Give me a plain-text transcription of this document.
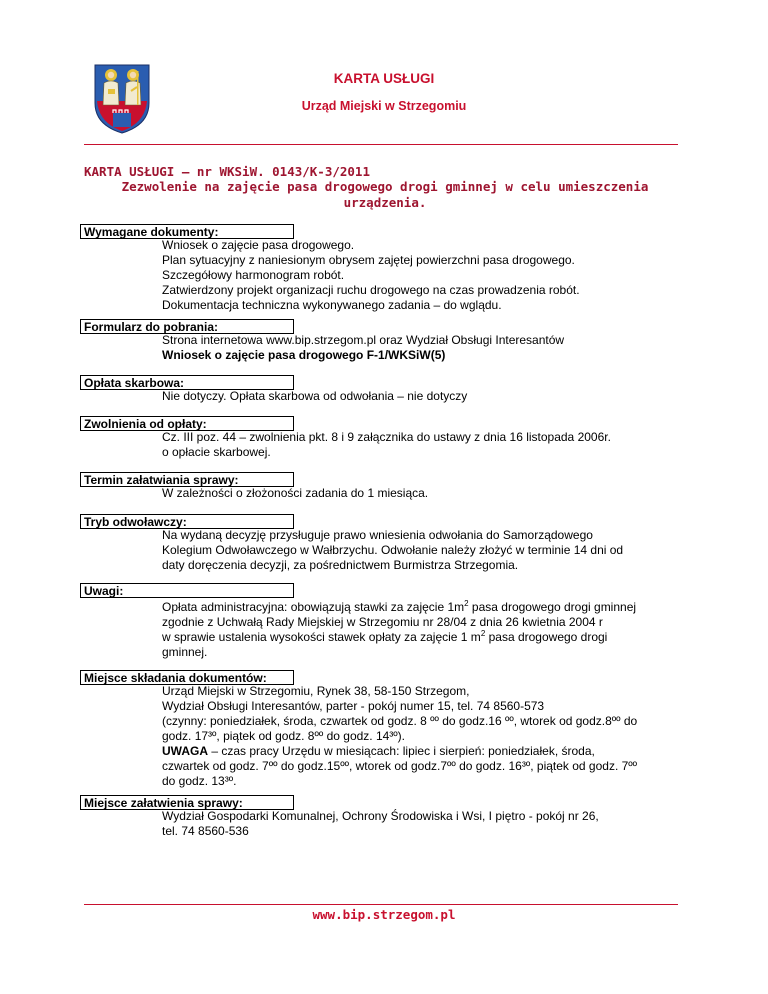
KARTA USŁUGI
Urząd Miejski w Strzegomiu
KARTA USŁUGI – nr WKSiW. 0143/K-3/2011
Zezwolenie na zajęcie pasa drogowego drogi gminnej w celu umieszczenia
urządzenia.
Wymagane dokumenty:
Wniosek o zajęcie pasa drogowego.
Plan sytuacyjny z naniesionym obrysem zajętej powierzchni pasa drogowego.
Szczegółowy harmonogram robót.
Zatwierdzony projekt organizacji ruchu drogowego na czas prowadzenia robót.
Dokumentacja techniczna wykonywanego zadania – do wglądu.
Formularz do pobrania:
Strona internetowa www.bip.strzegom.pl oraz Wydział Obsługi Interesantów
Wniosek o zajęcie pasa drogowego F-1/WKSiW(5)
Opłata skarbowa:
Nie dotyczy. Opłata skarbowa od odwołania – nie dotyczy
Zwolnienia od opłaty:
Cz. III poz. 44 – zwolnienia pkt. 8 i 9 załącznika do ustawy z dnia 16 listopada 2006r.
o opłacie skarbowej.
Termin załatwiania sprawy:
W zależności o złożoności zadania do 1 miesiąca.
Tryb odwoławczy:
Na wydaną decyzję przysługuje prawo wniesienia odwołania do Samorządowego
Kolegium Odwoławczego w Wałbrzychu. Odwołanie należy złożyć w terminie 14 dni od
daty doręczenia decyzji, za pośrednictwem Burmistrza Strzegomia.
Uwagi:
Opłata administracyjna: obowiązują stawki za zajęcie $1m^2$ pasa drogowego drogi gminnej
zgodnie z Uchwałą Rady Miejskiej w Strzegomiu nr 28/04 z dnia 26 kwietnia 2004 r
w sprawie ustalenia wysokości stawek opłaty za zajęcie 1 $m^2$ pasa drogowego drogi
gminnej.
Miejsce składania dokumentów:
Urząd Miejski w Strzegomiu, Rynek 38, 58-150 Strzegom,
Wydział Obsługi Interesantów, parter - pokój numer 15, tel. 74 8560-573
(czynny: poniedziałek, środa, czwartek od godz. 8 ºº do godz.16 ºº, wtorek od godz.8ºº do
godz. 17³º, piątek od godz. 8ºº do godz. 14³º).
UWAGA – czas pracy Urzędu w miesiącach: lipiec i sierpień: poniedziałek, środa,
czwartek od godz. 7ºº do godz.15ºº, wtorek od godz.7ºº do godz. 16³º, piątek od godz. 7ºº
do godz. 13³º.
Miejsce załatwienia sprawy:
Wydział Gospodarki Komunalnej, Ochrony Środowiska i Wsi, I piętro - pokój nr 26,
tel. 74 8560-536
www.bip.strzegom.pl
